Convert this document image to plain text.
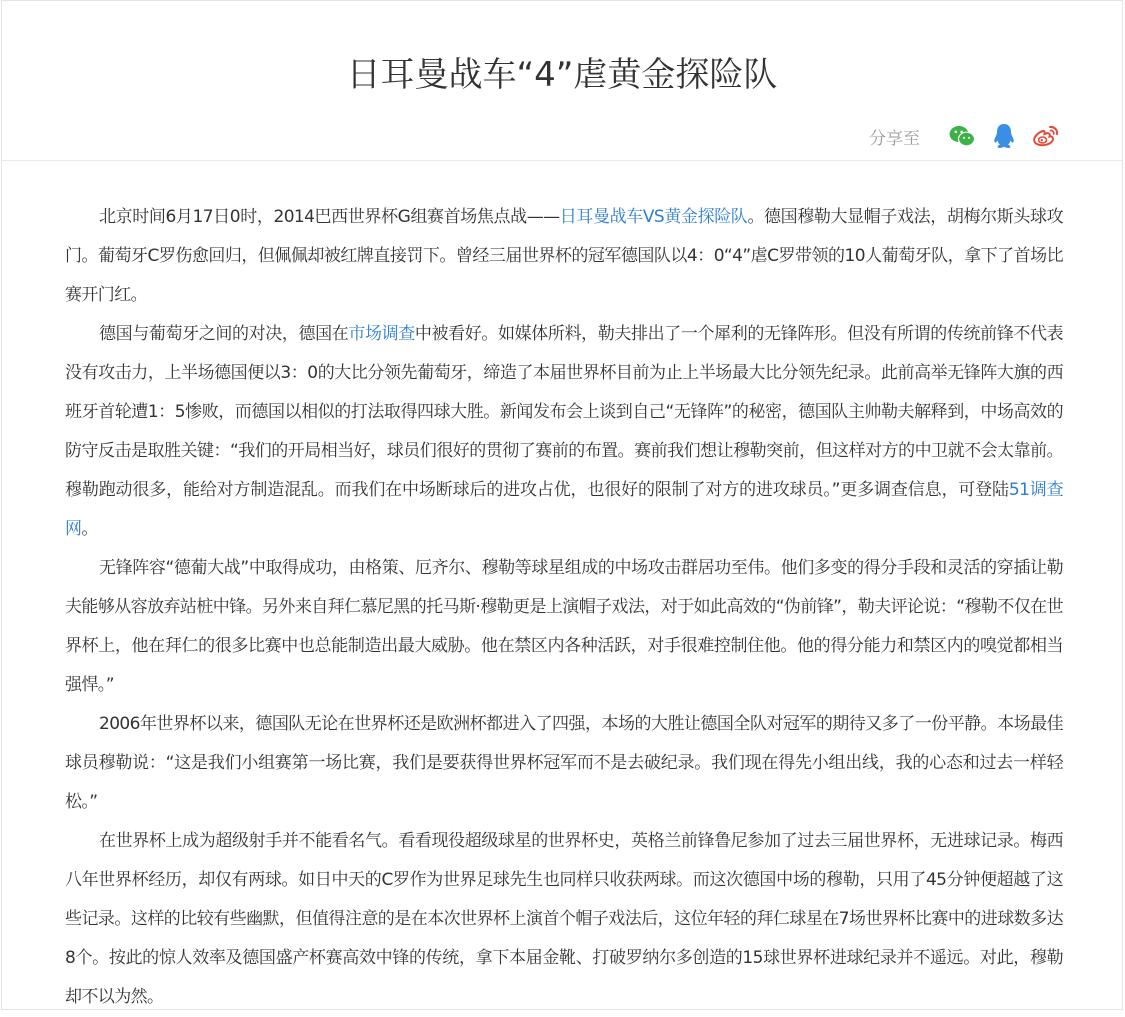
日耳曼战车“4”虐黄金探险队
分享至

北京时间6月17日0时，2014巴西世界杯G组赛首场焦点战——日耳曼战车VS黄金探险队。德国穆勒大显帽子戏法，胡梅尔斯头球攻门。葡萄牙C罗伤愈回归，但佩佩却被红牌直接罚下。曾经三届世界杯的冠军德国队以4：0“4”虐C罗带领的10人葡萄牙队，拿下了首场比赛开门红。

德国与葡萄牙之间的对决，德国在市场调查中被看好。如媒体所料，勒夫排出了一个犀利的无锋阵形。但没有所谓的传统前锋不代表没有攻击力，上半场德国便以3：0的大比分领先葡萄牙，缔造了本届世界杯目前为止上半场最大比分领先纪录。此前高举无锋阵大旗的西班牙首轮遭1：5惨败，而德国以相似的打法取得四球大胜。新闻发布会上谈到自己“无锋阵”的秘密，德国队主帅勒夫解释到，中场高效的防守反击是取胜关键：“我们的开局相当好，球员们很好的贯彻了赛前的布置。赛前我们想让穆勒突前，但这样对方的中卫就不会太靠前。穆勒跑动很多，能给对方制造混乱。而我们在中场断球后的进攻占优，也很好的限制了对方的进攻球员。”更多调查信息，可登陆51调查网。

无锋阵容“德葡大战”中取得成功，由格策、厄齐尔、穆勒等球星组成的中场攻击群居功至伟。他们多变的得分手段和灵活的穿插让勒夫能够从容放弃站桩中锋。另外来自拜仁慕尼黑的托马斯·穆勒更是上演帽子戏法，对于如此高效的“伪前锋”，勒夫评论说：“穆勒不仅在世界杯上，他在拜仁的很多比赛中也总能制造出最大威胁。他在禁区内各种活跃，对手很难控制住他。他的得分能力和禁区内的嗅觉都相当强悍。”

2006年世界杯以来，德国队无论在世界杯还是欧洲杯都进入了四强，本场的大胜让德国全队对冠军的期待又多了一份平静。本场最佳球员穆勒说：“这是我们小组赛第一场比赛，我们是要获得世界杯冠军而不是去破纪录。我们现在得先小组出线，我的心态和过去一样轻松。”

在世界杯上成为超级射手并不能看名气。看看现役超级球星的世界杯史，英格兰前锋鲁尼参加了过去三届世界杯，无进球记录。梅西八年世界杯经历，却仅有两球。如日中天的C罗作为世界足球先生也同样只收获两球。而这次德国中场的穆勒，只用了45分钟便超越了这些记录。这样的比较有些幽默，但值得注意的是在本次世界杯上演首个帽子戏法后，这位年轻的拜仁球星在7场世界杯比赛中的进球数多达8个。按此的惊人效率及德国盛产杯赛高效中锋的传统，拿下本届金靴、打破罗纳尔多创造的15球世界杯进球纪录并不遥远。对此，穆勒却不以为然。
